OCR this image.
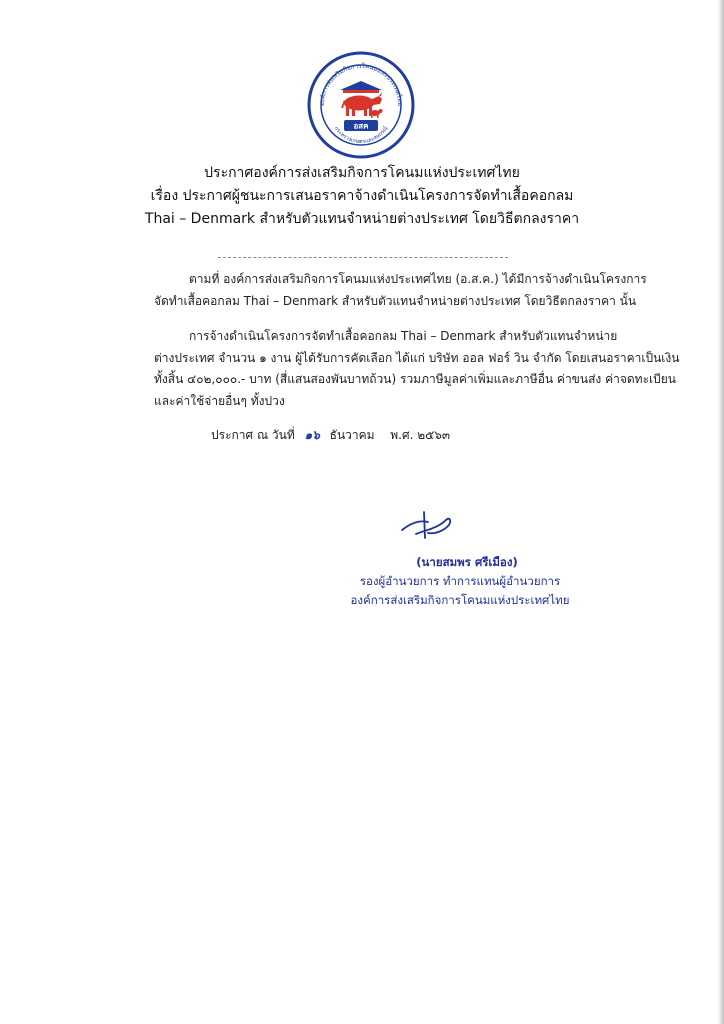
องค์การส่งเสริมกิจการโคนมแห่งประเทศไทย
กระทรวงเกษตรและสหกรณ์
อสค
ประกาศองค์การส่งเสริมกิจการโคนมแห่งประเทศไทย
เรื่อง ประกาศผู้ชนะการเสนอราคาจ้างดำเนินโครงการจัดทำเสื้อคอกลม
Thai – Denmark สำหรับตัวแทนจำหน่ายต่างประเทศ โดยวิธีตกลงราคา
ตามที่ องค์การส่งเสริมกิจการโคนมแห่งประเทศไทย (อ.ส.ค.) ได้มีการจ้างดำเนินโครงการ
จัดทำเสื้อคอกลม Thai – Denmark สำหรับตัวแทนจำหน่ายต่างประเทศ โดยวิธีตกลงราคา นั้น
การจ้างดำเนินโครงการจัดทำเสื้อคอกลม Thai – Denmark สำหรับตัวแทนจำหน่าย
ต่างประเทศ จำนวน ๑ งาน ผู้ได้รับการคัดเลือก ได้แก่ บริษัท ออล ฟอร์ วิน จำกัด โดยเสนอราคาเป็นเงิน
ทั้งสิ้น ๔๐๒,๐๐๐.- บาท (สี่แสนสองพันบาทถ้วน) รวมภาษีมูลค่าเพิ่มและภาษีอื่น ค่าขนส่ง ค่าจดทะเบียน
และค่าใช้จ่ายอื่นๆ ทั้งปวง
ประกาศ ณ วันที่ ๑๖ ธันวาคม พ.ศ. ๒๕๖๓
(นายสมพร ศรีเมือง)
รองผู้อำนวยการ ทำการแทนผู้อำนวยการ
องค์การส่งเสริมกิจการโคนมแห่งประเทศไทย
